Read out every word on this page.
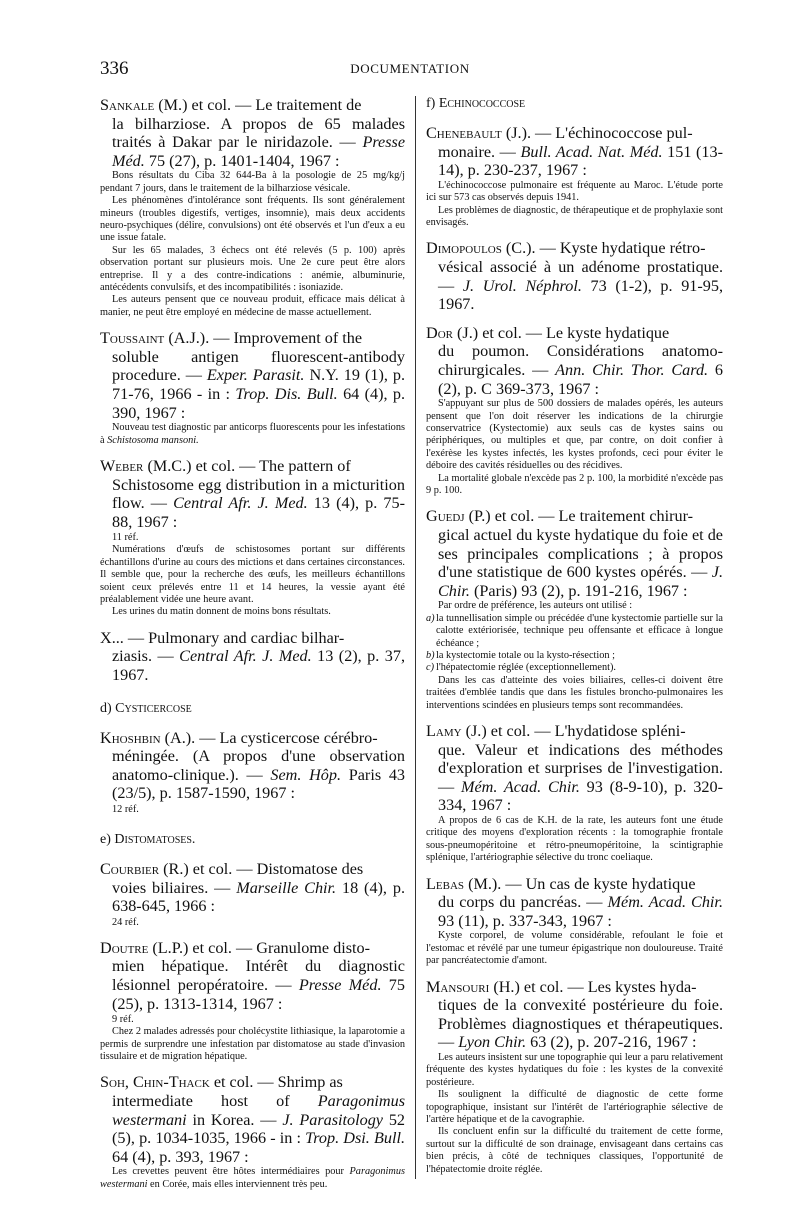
336	DOCUMENTATION
Sankale (M.) et col. — Le traitement de
la bilharziose. A propos de 65 malades traités à Dakar par le niridazole. — Presse Méd. 75 (27), p. 1401-1404, 1967 :

Bons résultats du Ciba 32 644-Ba à la posologie de 25 mg/kg/j pendant 7 jours, dans le traitement de la bilharziose vésicale.

Les phénomènes d'intolérance sont fréquents. Ils sont généralement mineurs (troubles digestifs, vertiges, insomnie), mais deux accidents neuro-psychiques (délire, convulsions) ont été observés et l'un d'eux a eu une issue fatale.

Sur les 65 malades, 3 échecs ont été relevés (5 p. 100) après observation portant sur plusieurs mois. Une 2e cure peut être alors entreprise. Il y a des contre-indications : anémie, albuminurie, antécédents convulsifs, et des incompatibilités : isoniazide.

Les auteurs pensent que ce nouveau produit, efficace mais délicat à manier, ne peut être employé en médecine de masse actuellement.

Toussaint (A.J.). — Improvement of the
soluble antigen fluorescent-antibody procedure. — Exper. Parasit. N.Y. 19 (1), p. 71-76, 1966 - in : Trop. Dis. Bull. 64 (4), p. 390, 1967 :

Nouveau test diagnostic par anticorps fluorescents pour les infestations à Schistosoma mansoni.

Weber (M.C.) et col. — The pattern of
Schistosome egg distribution in a micturition flow. — Central Afr. J. Med. 13 (4), p. 75-88, 1967 :
11 réf.

Numérations d'œufs de schistosomes portant sur différents échantillons d'urine au cours des mictions et dans certaines circonstances. Il semble que, pour la recherche des œufs, les meilleurs échantillons soient ceux prélevés entre 11 et 14 heures, la vessie ayant été préalablement vidée une heure avant.

Les urines du matin donnent de moins bons résultats.

X... — Pulmonary and cardiac bilhar-
ziasis. — Central Afr. J. Med. 13 (2), p. 37, 1967.
d) Cysticercose
Khoshbin (A.). — La cysticercose cérébro-
méningée. (A propos d'une observation anatomo-clinique.). — Sem. Hôp. Paris 43 (23/5), p. 1587-1590, 1967 :
12 réf.
e) Distomatoses.
Courbier (R.) et col. — Distomatose des
voies biliaires. — Marseille Chir. 18 (4), p. 638-645, 1966 :
24 réf.
Doutre (L.P.) et col. — Granulome disto-
mien hépatique. Intérêt du diagnostic lésionnel peropératoire. — Presse Méd. 75 (25), p. 1313-1314, 1967 :
9 réf.

Chez 2 malades adressés pour cholécystite lithiasique, la laparotomie a permis de surprendre une infestation par distomatose au stade d'invasion tissulaire et de migration hépatique.

Soh, Chin-Thack et col. — Shrimp as
intermediate host of Paragonimus westermani in Korea. — J. Parasitology 52 (5), p. 1034-1035, 1966 - in : Trop. Dsi. Bull. 64 (4), p. 393, 1967 :

Les crevettes peuvent être hôtes intermédiaires pour Paragonimus westermani en Corée, mais elles interviennent très peu.

f) Echinococcose
Chenebault (J.). — L'échinococcose pul-
monaire. — Bull. Acad. Nat. Méd. 151 (13-14), p. 230-237, 1967 :

L'échinococcose pulmonaire est fréquente au Maroc. L'étude porte ici sur 573 cas observés depuis 1941.

Les problèmes de diagnostic, de thérapeutique et de prophylaxie sont envisagés.

Dimopoulos (C.). — Kyste hydatique rétro-
vésical associé à un adénome prostatique. — J. Urol. Néphrol. 73 (1-2), p. 91-95, 1967.
Dor (J.) et col. — Le kyste hydatique
du poumon. Considérations anatomo-chirurgicales. — Ann. Chir. Thor. Card. 6 (2), p. C 369-373, 1967 :

S'appuyant sur plus de 500 dossiers de malades opérés, les auteurs pensent que l'on doit réserver les indications de la chirurgie conservatrice (Kystectomie) aux seuls cas de kystes sains ou périphériques, ou multiples et que, par contre, on doit confier à l'exérèse les kystes infectés, les kystes profonds, ceci pour éviter le déboire des cavités résiduelles ou des récidives.

La mortalité globale n'excède pas 2 p. 100, la morbidité n'excède pas 9 p. 100.

Guedj (P.) et col. — Le traitement chirur-
gical actuel du kyste hydatique du foie et de ses principales complications ; à propos d'une statistique de 600 kystes opérés. — J. Chir. (Paris) 93 (2), p. 191-216, 1967 :

Par ordre de préférence, les auteurs ont utilisé :

a)la tunnellisation simple ou précédée d'une kystectomie partielle sur la calotte extériorisée, technique peu offensante et efficace à longue échéance ;

b)la kystectomie totale ou la kysto-résection ;

c) l'hépatectomie réglée (exceptionnellement).

Dans les cas d'atteinte des voies biliaires, celles-ci doivent être traitées d'emblée tandis que dans les fistules broncho-pulmonaires les interventions scindées en plusieurs temps sont recommandées.

Lamy (J.) et col. — L'hydatidose spléni-
que. Valeur et indications des méthodes d'exploration et surprises de l'investigation. — Mém. Acad. Chir. 93 (8-9-10), p. 320-334, 1967 :

A propos de 6 cas de K.H. de la rate, les auteurs font une étude critique des moyens d'exploration récents : la tomographie frontale sous-pneumopéritoine et rétro-pneumopéritoine, la scintigraphie splénique, l'artériographie sélective du tronc coeliaque.

Lebas (M.). — Un cas de kyste hydatique
du corps du pancréas. — Mém. Acad. Chir. 93 (11), p. 337-343, 1967 :

Kyste corporel, de volume considérable, refoulant le foie et l'estomac et révélé par une tumeur épigastrique non douloureuse. Traité par pancréatectomie d'amont.

Mansouri (H.) et col. — Les kystes hyda-
tiques de la convexité postérieure du foie. Problèmes diagnostiques et thérapeutiques. — Lyon Chir. 63 (2), p. 207-216, 1967 :

Les auteurs insistent sur une topographie qui leur a paru relativement fréquente des kystes hydatiques du foie : les kystes de la convexité postérieure.

Ils soulignent la difficulté de diagnostic de cette forme topographique, insistant sur l'intérêt de l'artériographie sélective de l'artère hépatique et de la cavographie.

Ils concluent enfin sur la difficulté du traitement de cette forme, surtout sur la difficulté de son drainage, envisageant dans certains cas bien précis, à côté de techniques classiques, l'opportunité de l'hépatectomie droite réglée.
